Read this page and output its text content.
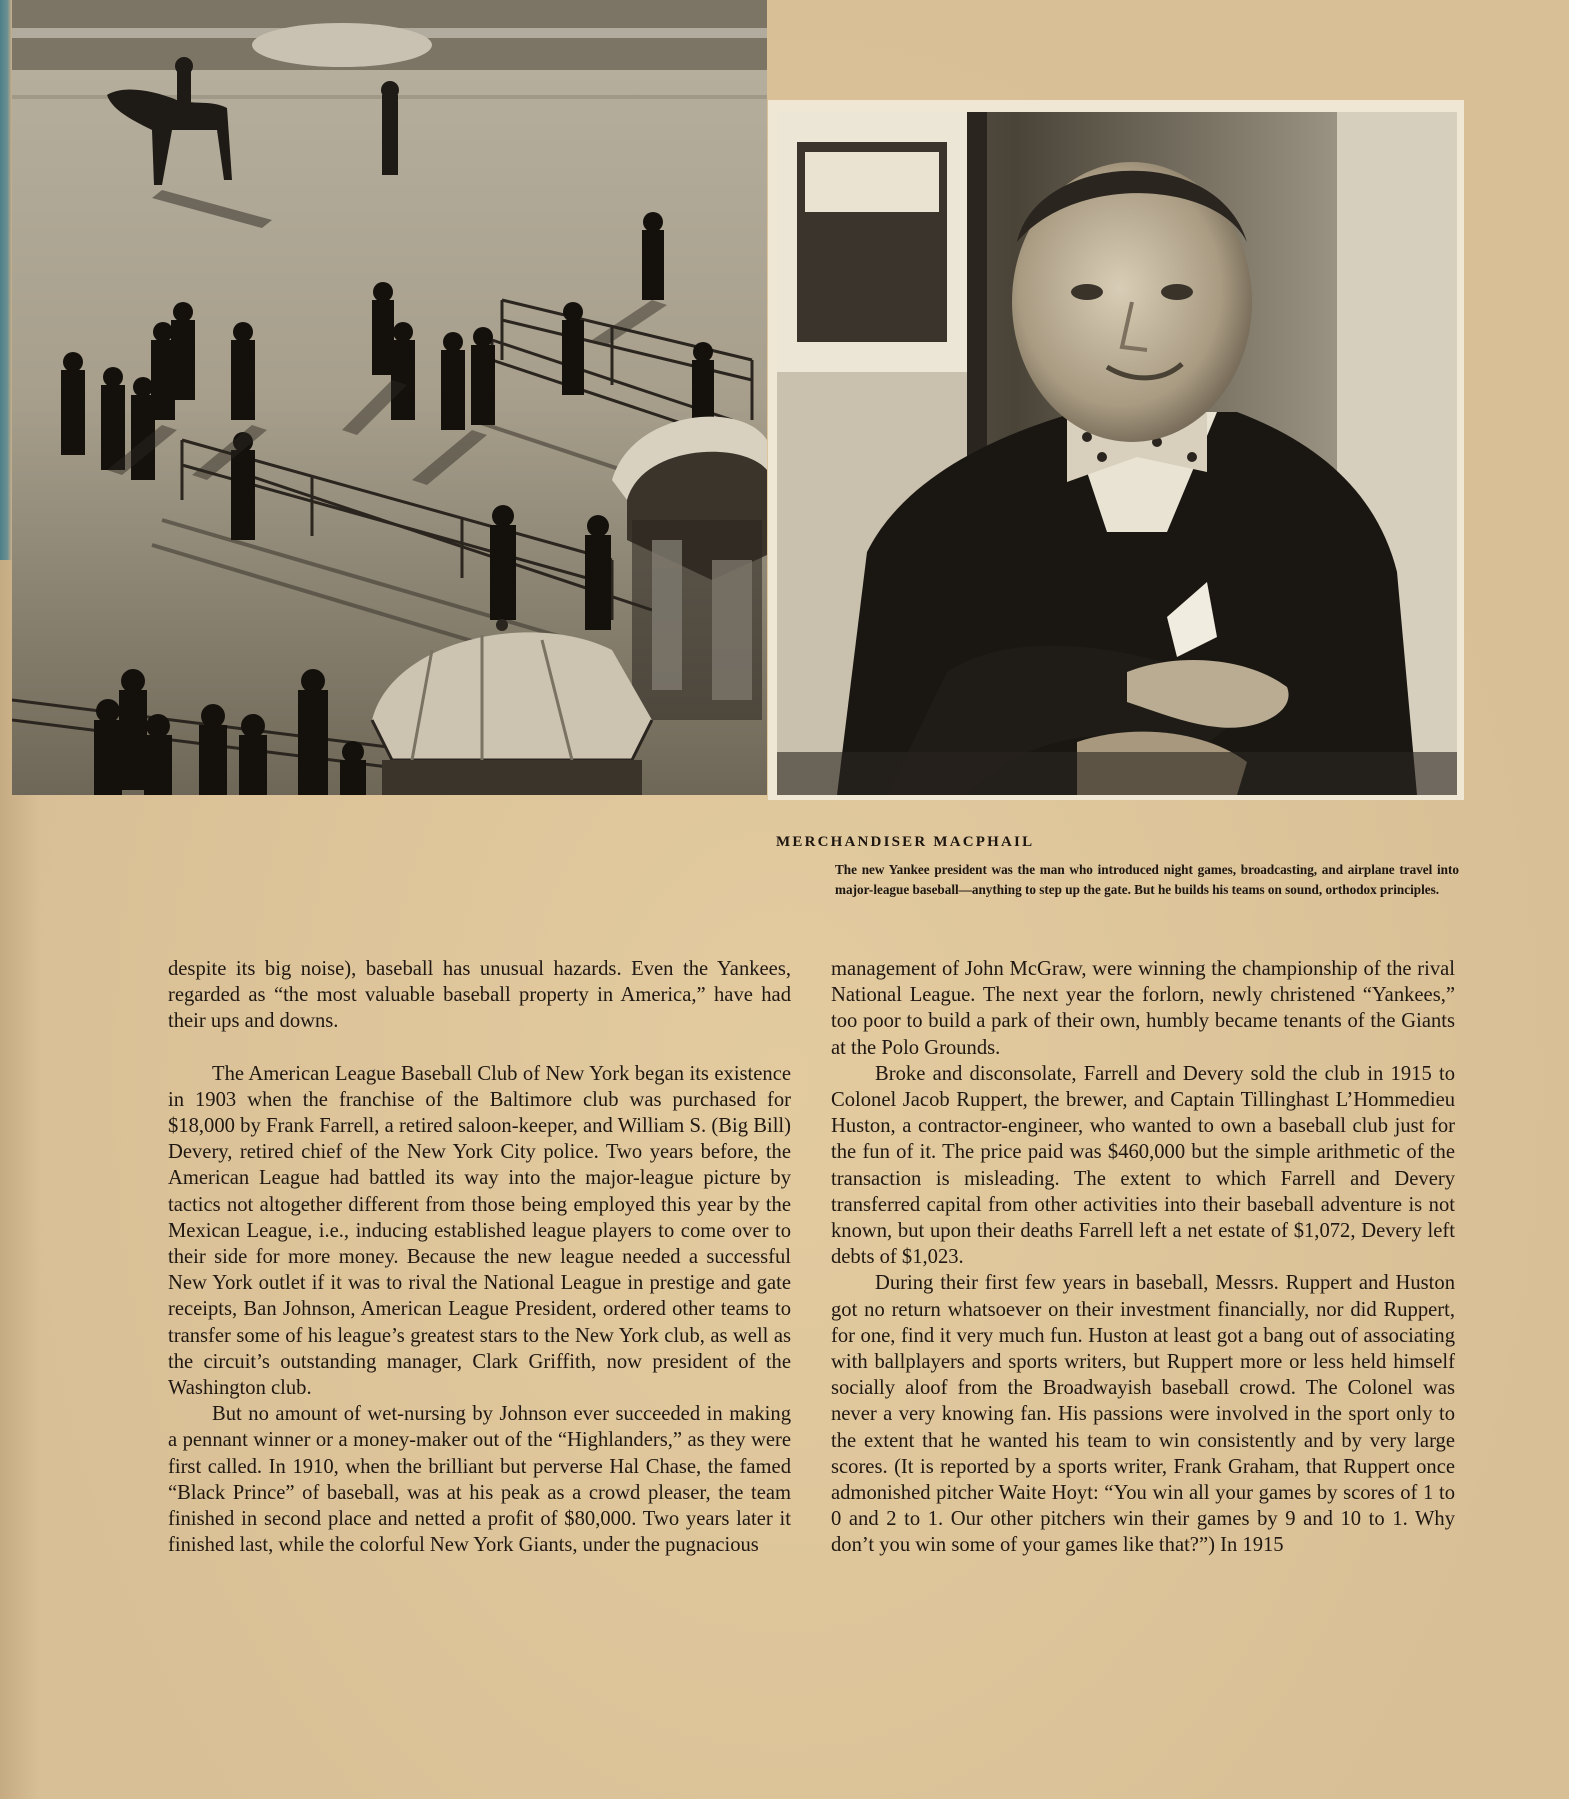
MERCHANDISER MACPHAIL
The new Yankee president was the man who introduced night games, broadcasting, and airplane travel into major-league baseball—anything to step up the gate. But he builds his teams on sound, orthodox principles.

despite its big noise), baseball has unusual hazards. Even the Yankees, regarded as “the most valuable baseball property in America,” have had their ups and downs.

The American League Baseball Club of New York began its existence in 1903 when the franchise of the Baltimore club was purchased for $18,000 by Frank Farrell, a retired saloon-keeper, and William S. (Big Bill) Devery, retired chief of the New York City police. Two years before, the American League had battled its way into the major-league picture by tactics not altogether different from those being employed this year by the Mexican League, i.e., inducing established league players to come over to their side for more money. Because the new league needed a successful New York outlet if it was to rival the National League in prestige and gate receipts, Ban Johnson, American League President, ordered other teams to transfer some of his league’s greatest stars to the New York club, as well as the circuit’s outstanding manager, Clark Griffith, now president of the Washington club.

But no amount of wet-nursing by Johnson ever succeeded in making a pennant winner or a money-maker out of the “Highlanders,” as they were first called. In 1910, when the brilliant but perverse Hal Chase, the famed “Black Prince” of baseball, was at his peak as a crowd pleaser, the team finished in second place and netted a profit of $80,000. Two years later it finished last, while the colorful New York Giants, under the pugnacious

management of John McGraw, were winning the championship of the rival National League. The next year the forlorn, newly christened “Yankees,” too poor to build a park of their own, humbly became tenants of the Giants at the Polo Grounds.

Broke and disconsolate, Farrell and Devery sold the club in 1915 to Colonel Jacob Ruppert, the brewer, and Captain Tillinghast L’Hommedieu Huston, a contractor-engineer, who wanted to own a baseball club just for the fun of it. The price paid was $460,000 but the simple arithmetic of the transaction is misleading. The extent to which Farrell and Devery transferred capital from other activities into their baseball adventure is not known, but upon their deaths Farrell left a net estate of $1,072, Devery left debts of $1,023.

During their first few years in baseball, Messrs. Ruppert and Huston got no return whatsoever on their investment financially, nor did Ruppert, for one, find it very much fun. Huston at least got a bang out of associating with ballplayers and sports writers, but Ruppert more or less held himself socially aloof from the Broadwayish baseball crowd. The Colonel was never a very knowing fan. His passions were involved in the sport only to the extent that he wanted his team to win consistently and by very large scores. (It is reported by a sports writer, Frank Graham, that Ruppert once admonished pitcher Waite Hoyt: “You win all your games by scores of 1 to 0 and 2 to 1. Our other pitchers win their games by 9 and 10 to 1. Why don’t you win some of your games like that?”) In 1915
